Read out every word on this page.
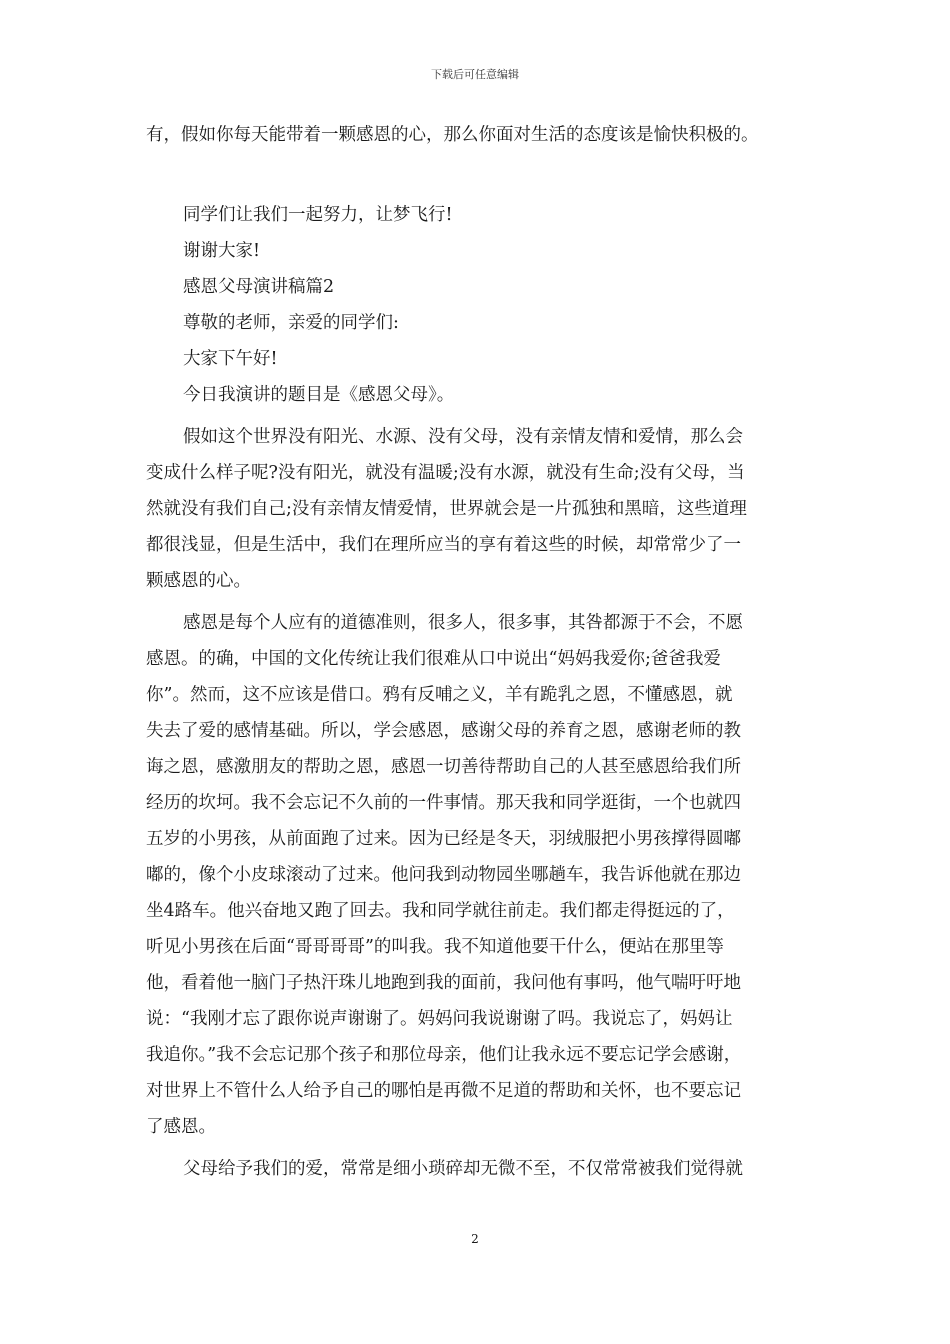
下载后可任意编辑
有，假如你每天能带着一颗感恩的心，那么你面对生活的态度该是愉快积极的。
同学们让我们一起努力，让梦飞行!
谢谢大家!
感恩父母演讲稿篇2
尊敬的老师，亲爱的同学们:
大家下午好!
今日我演讲的题目是《感恩父母》。
假如这个世界没有阳光、水源、没有父母，没有亲情友情和爱情，那么会
变成什么样子呢?没有阳光，就没有温暖;没有水源，就没有生命;没有父母，当
然就没有我们自己;没有亲情友情爱情，世界就会是一片孤独和黑暗，这些道理
都很浅显，但是生活中，我们在理所应当的享有着这些的时候，却常常少了一
颗感恩的心。
感恩是每个人应有的道德准则，很多人，很多事，其咎都源于不会，不愿
感恩。的确，中国的文化传统让我们很难从口中说出“妈妈我爱你;爸爸我爱
你”。然而，这不应该是借口。鸦有反哺之义，羊有跪乳之恩，不懂感恩，就
失去了爱的感情基础。所以，学会感恩，感谢父母的养育之恩，感谢老师的教
诲之恩，感激朋友的帮助之恩，感恩一切善待帮助自己的人甚至感恩给我们所
经历的坎坷。我不会忘记不久前的一件事情。那天我和同学逛街，一个也就四
五岁的小男孩，从前面跑了过来。因为已经是冬天，羽绒服把小男孩撑得圆嘟
嘟的，像个小皮球滚动了过来。他问我到动物园坐哪趟车，我告诉他就在那边
坐4路车。他兴奋地又跑了回去。我和同学就往前走。我们都走得挺远的了，
听见小男孩在后面“哥哥哥哥”的叫我。我不知道他要干什么，便站在那里等
他，看着他一脑门子热汗珠儿地跑到我的面前，我问他有事吗，他气喘吁吁地
说：“我刚才忘了跟你说声谢谢了。妈妈问我说谢谢了吗。我说忘了，妈妈让
我追你。”我不会忘记那个孩子和那位母亲，他们让我永远不要忘记学会感谢，
对世界上不管什么人给予自己的哪怕是再微不足道的帮助和关怀，也不要忘记
了感恩。
父母给予我们的爱，常常是细小琐碎却无微不至，不仅常常被我们觉得就
2
